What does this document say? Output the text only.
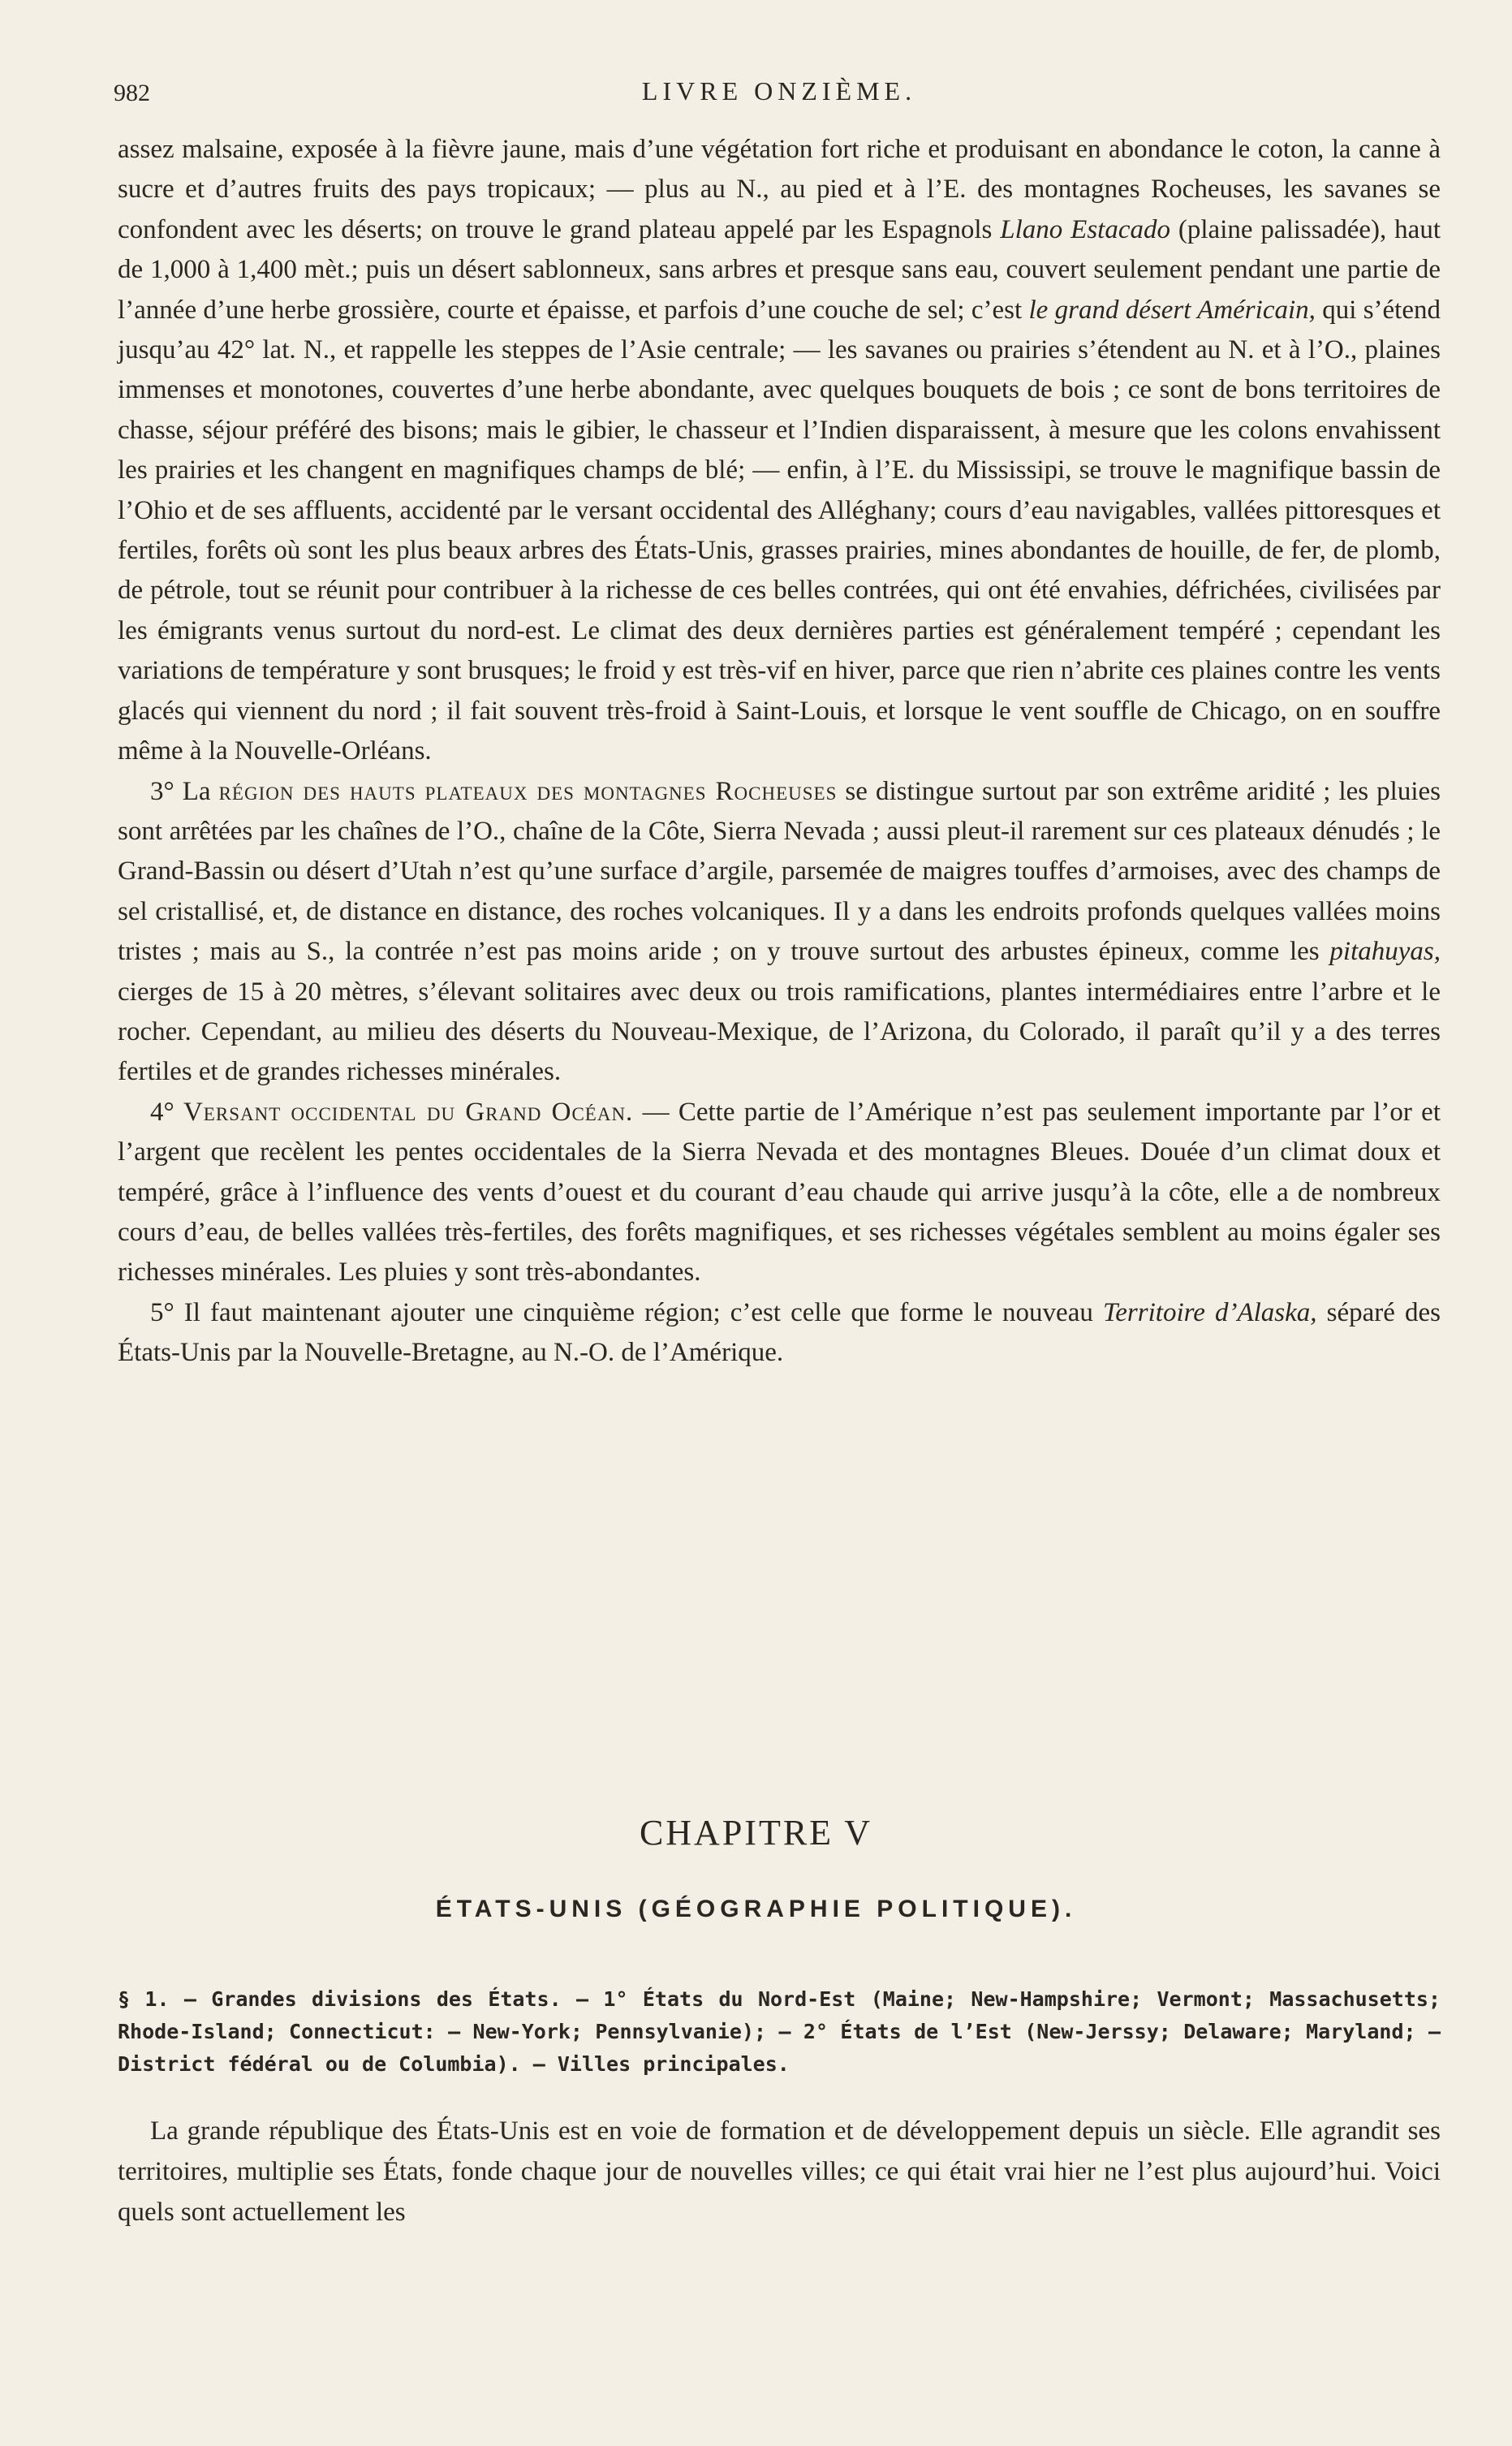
982	LIVRE ONZIÈME.

assez malsaine, exposée à la fièvre jaune, mais d’une végétation fort riche et produisant en abondance le coton, la canne à sucre et d’autres fruits des pays tropicaux; — plus au N., au pied et à l’E. des montagnes Rocheuses, les savanes se confondent avec les déserts; on trouve le grand plateau appelé par les Espagnols Llano Estacado (plaine palissadée), haut de 1,000 à 1,400 mèt.; puis un désert sablonneux, sans arbres et presque sans eau, couvert seulement pendant une partie de l’année d’une herbe grossière, courte et épaisse, et parfois d’une couche de sel; c’est le grand désert Américain, qui s’étend jusqu’au 42° lat. N., et rappelle les steppes de l’Asie centrale; — les savanes ou prairies s’étendent au N. et à l’O., plaines immenses et monotones, couvertes d’une herbe abondante, avec quelques bouquets de bois ; ce sont de bons territoires de chasse, séjour préféré des bisons; mais le gibier, le chasseur et l’Indien disparaissent, à mesure que les colons envahissent les prairies et les changent en magnifiques champs de blé; — enfin, à l’E. du Mississipi, se trouve le magnifique bassin de l’Ohio et de ses affluents, accidenté par le versant occidental des Alléghany; cours d’eau navigables, vallées pittoresques et fertiles, forêts où sont les plus beaux arbres des États-Unis, grasses prairies, mines abondantes de houille, de fer, de plomb, de pétrole, tout se réunit pour contribuer à la richesse de ces belles contrées, qui ont été envahies, défrichées, civilisées par les émigrants venus surtout du nord-est. Le climat des deux dernières parties est généralement tempéré ; cependant les variations de température y sont brusques; le froid y est très-vif en hiver, parce que rien n’abrite ces plaines contre les vents glacés qui viennent du nord ; il fait souvent très-froid à Saint-Louis, et lorsque le vent souffle de Chicago, on en souffre même à la Nouvelle-Orléans.

3° La région des hauts plateaux des montagnes Rocheuses se distingue surtout par son extrême aridité ; les pluies sont arrêtées par les chaînes de l’O., chaîne de la Côte, Sierra Nevada ; aussi pleut-il rarement sur ces plateaux dénudés ; le Grand-Bassin ou désert d’Utah n’est qu’une surface d’argile, parsemée de maigres touffes d’armoises, avec des champs de sel cristallisé, et, de distance en distance, des roches volcaniques. Il y a dans les endroits profonds quelques vallées moins tristes ; mais au S., la contrée n’est pas moins aride ; on y trouve surtout des arbustes épineux, comme les pitahuyas, cierges de 15 à 20 mètres, s’élevant solitaires avec deux ou trois ramifications, plantes intermédiaires entre l’arbre et le rocher. Cependant, au milieu des déserts du Nouveau-Mexique, de l’Arizona, du Colorado, il paraît qu’il y a des terres fertiles et de grandes richesses minérales.

4° Versant occidental du Grand Océan. — Cette partie de l’Amérique n’est pas seulement importante par l’or et l’argent que recèlent les pentes occidentales de la Sierra Nevada et des montagnes Bleues. Douée d’un climat doux et tempéré, grâce à l’influence des vents d’ouest et du courant d’eau chaude qui arrive jusqu’à la côte, elle a de nombreux cours d’eau, de belles vallées très-fertiles, des forêts magnifiques, et ses richesses végétales semblent au moins égaler ses richesses minérales. Les pluies y sont très-abondantes.

5° Il faut maintenant ajouter une cinquième région; c’est celle que forme le nouveau Territoire d’Alaska, séparé des États-Unis par la Nouvelle-Bretagne, au N.-O. de l’Amérique.

CHAPITRE V
ÉTATS-UNIS (GÉOGRAPHIE POLITIQUE).

§ 1. — Grandes divisions des États. — 1° États du Nord-Est (Maine; New-Hampshire; Vermont; Massachusetts; Rhode-Island; Connecticut: — New-York; Pennsylvanie); — 2° États de l’Est (New-Jerssy; Delaware; Maryland; — District fédéral ou de Columbia). — Villes principales.

La grande république des États-Unis est en voie de formation et de développement depuis un siècle. Elle agrandit ses territoires, multiplie ses États, fonde chaque jour de nouvelles villes; ce qui était vrai hier ne l’est plus aujourd’hui. Voici quels sont actuellement les
